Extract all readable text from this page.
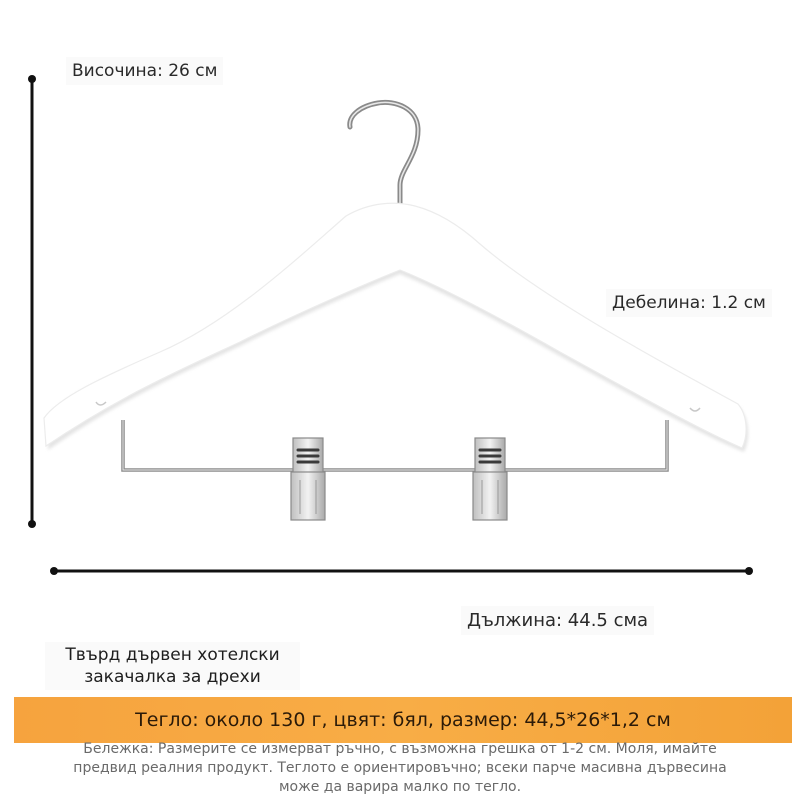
Височина: 26 см
Дебелина: 1.2 см
Дължина: 44.5 сма
Твърд дървен хотелски
закачалка за дрехи
Тегло: около 130 г, цвят: бял, размер: 44,5*26*1,2 см
Бележка: Размерите се измерват ръчно, с възможна грешка от 1-2 см. Моля, имайте
предвид реалния продукт. Теглото е ориентировъчно; всеки парче масивна дървесина
може да варира малко по тегло.
